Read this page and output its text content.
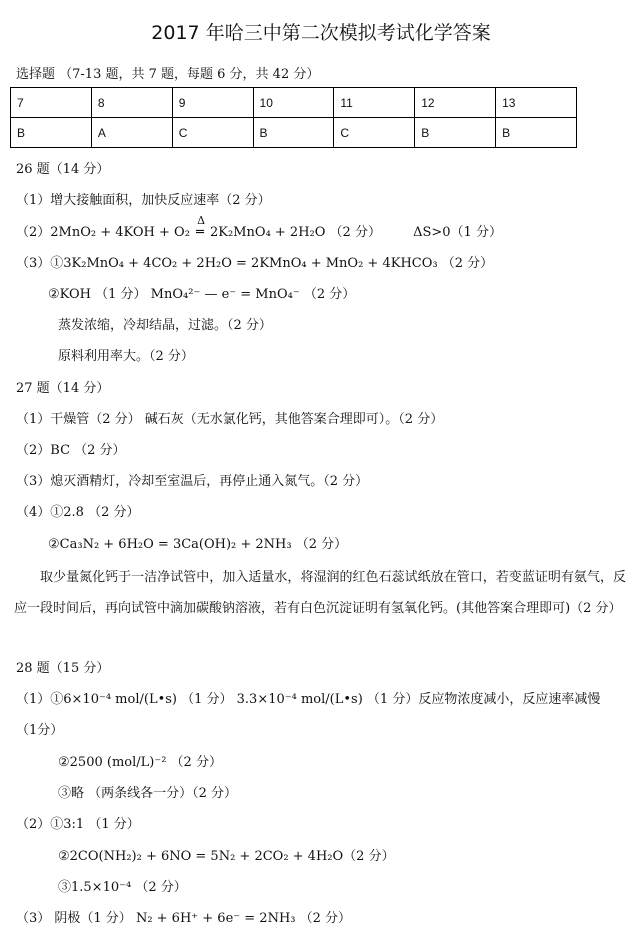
2017 年哈三中第二次模拟考试化学答案
选择题 （7-13 题，共 7 题，每题 6 分，共 42 分）
7	8	9	10	11	12	13
B	A	C	B	C	B	B
26 题（14 分）
（1）增大接触面积，加快反应速率（2 分）
（2）2MnO₂ + 4KOH + O₂
Δ
═ 2K₂MnO₄ + 2H₂O （2 分） ΔS>0（1 分）
（3）①3K₂MnO₄ + 4CO₂ + 2H₂O = 2KMnO₄ + MnO₂ + 4KHCO₃ （2 分）
②KOH （1 分） MnO₄²⁻ — e⁻ = MnO₄⁻ （2 分）
蒸发浓缩，冷却结晶，过滤。（2 分）
原料利用率大。（2 分）
27 题（14 分）
（1）干燥管（2 分） 碱石灰（无水氯化钙，其他答案合理即可）。（2 分）
（2）BC （2 分）
（3）熄灭酒精灯，冷却至室温后，再停止通入氮气。（2 分）
（4）①2.8 （2 分）
②Ca₃N₂ + 6H₂O = 3Ca(OH)₂ + 2NH₃ （2 分）
取少量氮化钙于一洁净试管中，加入适量水，将湿润的红色石蕊试纸放在管口，若变蓝证明有氨气，反应一段时间后，再向试管中滴加碳酸钠溶液，若有白色沉淀证明有氢氧化钙。(其他答案合理即可)（2 分）
28 题（15 分）
（1）①6×10⁻⁴ mol/(L•s) （1 分） 3.3×10⁻⁴ mol/(L•s) （1 分）反应物浓度减小，反应速率减慢
（1分）
②2500 (mol/L)⁻² （2 分）
③略 （两条线各一分）（2 分）
（2）①3:1 （1 分）
②2CO(NH₂)₂ + 6NO = 5N₂ + 2CO₂ + 4H₂O（2 分）
③1.5×10⁻⁴ （2 分）
（3） 阴极（1 分） N₂ + 6H⁺ + 6e⁻ = 2NH₃ （2 分）
